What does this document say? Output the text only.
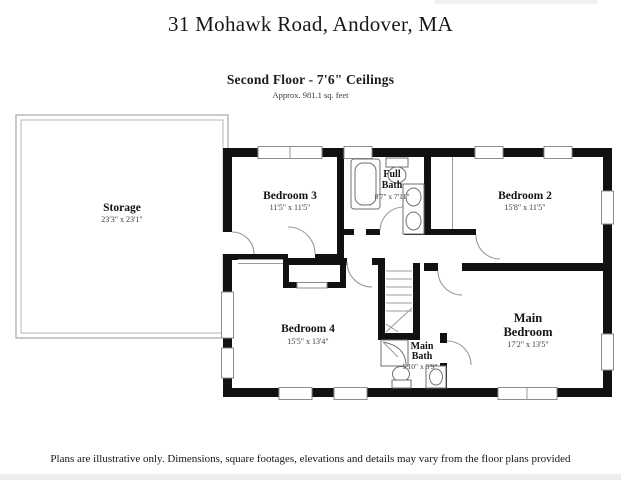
31 Mohawk Road, Andover, MA
Second Floor - 7'6" Ceilings
Approx. 981.1 sq. feet
Storage
23'3" x 23'1"
Bedroom 3
11'5" x 11'5"
Full
Bath
8'7" x 7'11"	Bedroom 2
15'8" x 11'5"
Bedroom 4
15'5" x 13'4"	Main
Bath
5'10" x 5'9"
Main
Bedroom
17'2" x 13'5"
Plans are illustrative only. Dimensions, square footages, elevations and details may vary from the floor plans provided
